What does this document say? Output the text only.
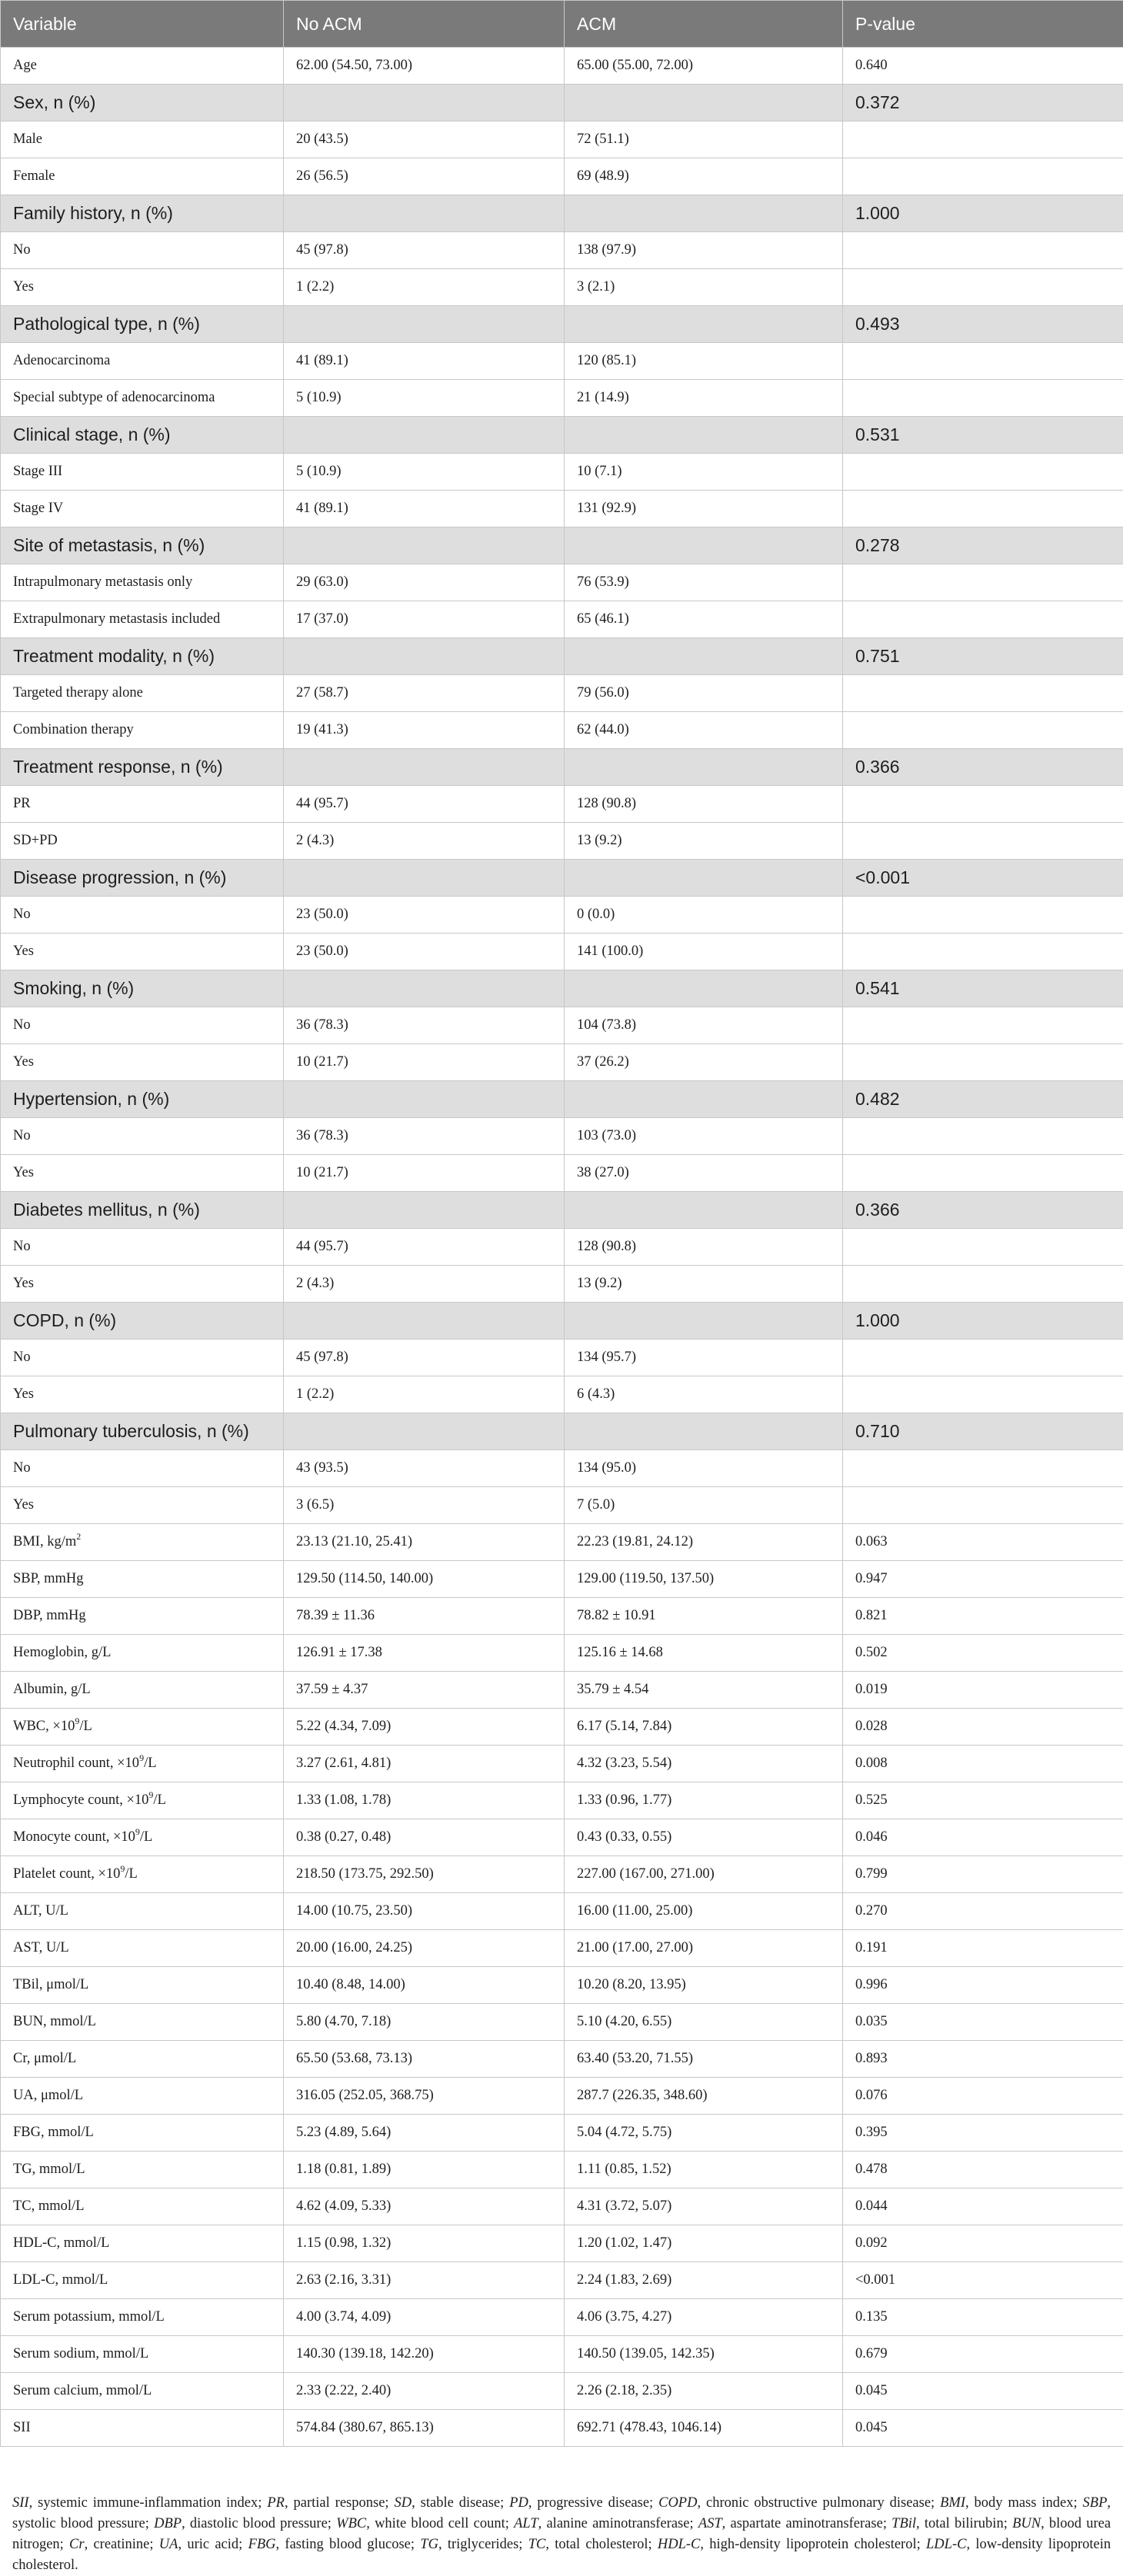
Variable	No ACM	ACM	P-value
Age	62.00 (54.50, 73.00)	65.00 (55.00, 72.00)	0.640
Sex, n (%)			0.372
Male	20 (43.5)	72 (51.1)	
Female	26 (56.5)	69 (48.9)	
Family history, n (%)			1.000
No	45 (97.8)	138 (97.9)	
Yes	1 (2.2)	3 (2.1)	
Pathological type, n (%)			0.493
Adenocarcinoma	41 (89.1)	120 (85.1)	
Special subtype of adenocarcinoma	5 (10.9)	21 (14.9)	
Clinical stage, n (%)			0.531
Stage III	5 (10.9)	10 (7.1)	
Stage IV	41 (89.1)	131 (92.9)	
Site of metastasis, n (%)			0.278
Intrapulmonary metastasis only	29 (63.0)	76 (53.9)	
Extrapulmonary metastasis included	17 (37.0)	65 (46.1)	
Treatment modality, n (%)			0.751
Targeted therapy alone	27 (58.7)	79 (56.0)	
Combination therapy	19 (41.3)	62 (44.0)	
Treatment response, n (%)			0.366
PR	44 (95.7)	128 (90.8)	
SD+PD	2 (4.3)	13 (9.2)	
Disease progression, n (%)			<0.001
No	23 (50.0)	0 (0.0)	
Yes	23 (50.0)	141 (100.0)	
Smoking, n (%)			0.541
No	36 (78.3)	104 (73.8)	
Yes	10 (21.7)	37 (26.2)	
Hypertension, n (%)			0.482
No	36 (78.3)	103 (73.0)	
Yes	10 (21.7)	38 (27.0)	
Diabetes mellitus, n (%)			0.366
No	44 (95.7)	128 (90.8)	
Yes	2 (4.3)	13 (9.2)	
COPD, n (%)			1.000
No	45 (97.8)	134 (95.7)	
Yes	1 (2.2)	6 (4.3)	
Pulmonary tuberculosis, n (%)			0.710
No	43 (93.5)	134 (95.0)	
Yes	3 (6.5)	7 (5.0)	
BMI, $kg/m^2$	23.13 (21.10, 25.41)	22.23 (19.81, 24.12)	0.063
SBP, mmHg	129.50 (114.50, 140.00)	129.00 (119.50, 137.50)	0.947
DBP, mmHg	78.39 ± 11.36	78.82 ± 10.91	0.821
Hemoglobin, g/L	126.91 ± 17.38	125.16 ± 14.68	0.502
Albumin, g/L	37.59 ± 4.37	35.79 ± 4.54	0.019
WBC, $\times 10^9/L$	5.22 (4.34, 7.09)	6.17 (5.14, 7.84)	0.028
Neutrophil count, $\times 10^9/L$	3.27 (2.61, 4.81)	4.32 (3.23, 5.54)	0.008
Lymphocyte count, $\times 10^9/L$	1.33 (1.08, 1.78)	1.33 (0.96, 1.77)	0.525
Monocyte count, $\times 10^9/L$	0.38 (0.27, 0.48)	0.43 (0.33, 0.55)	0.046
Platelet count, $\times 10^9/L$	218.50 (173.75, 292.50)	227.00 (167.00, 271.00)	0.799
ALT, U/L	14.00 (10.75, 23.50)	16.00 (11.00, 25.00)	0.270
AST, U/L	20.00 (16.00, 24.25)	21.00 (17.00, 27.00)	0.191
TBil, μmol/L	10.40 (8.48, 14.00)	10.20 (8.20, 13.95)	0.996
BUN, mmol/L	5.80 (4.70, 7.18)	5.10 (4.20, 6.55)	0.035
Cr, μmol/L	65.50 (53.68, 73.13)	63.40 (53.20, 71.55)	0.893
UA, μmol/L	316.05 (252.05, 368.75)	287.7 (226.35, 348.60)	0.076
FBG, mmol/L	5.23 (4.89, 5.64)	5.04 (4.72, 5.75)	0.395
TG, mmol/L	1.18 (0.81, 1.89)	1.11 (0.85, 1.52)	0.478
TC, mmol/L	4.62 (4.09, 5.33)	4.31 (3.72, 5.07)	0.044
HDL-C, mmol/L	1.15 (0.98, 1.32)	1.20 (1.02, 1.47)	0.092
LDL-C, mmol/L	2.63 (2.16, 3.31)	2.24 (1.83, 2.69)	<0.001
Serum potassium, mmol/L	4.00 (3.74, 4.09)	4.06 (3.75, 4.27)	0.135
Serum sodium, mmol/L	140.30 (139.18, 142.20)	140.50 (139.05, 142.35)	0.679
Serum calcium, mmol/L	2.33 (2.22, 2.40)	2.26 (2.18, 2.35)	0.045
SII	574.84 (380.67, 865.13)	692.71 (478.43, 1046.14)	0.045
SII, systemic immune-inflammation index; PR, partial response; SD, stable disease; PD, progressive disease; COPD, chronic obstructive pulmonary disease; BMI, body mass index; SBP, systolic blood pressure; DBP, diastolic blood pressure; WBC, white blood cell count; ALT, alanine aminotransferase; AST, aspartate aminotransferase; TBil, total bilirubin; BUN, blood urea nitrogen; Cr, creatinine; UA, uric acid; FBG, fasting blood glucose; TG, triglycerides; TC, total cholesterol; HDL-C, high-density lipoprotein cholesterol; LDL-C, low-density lipoprotein cholesterol.
